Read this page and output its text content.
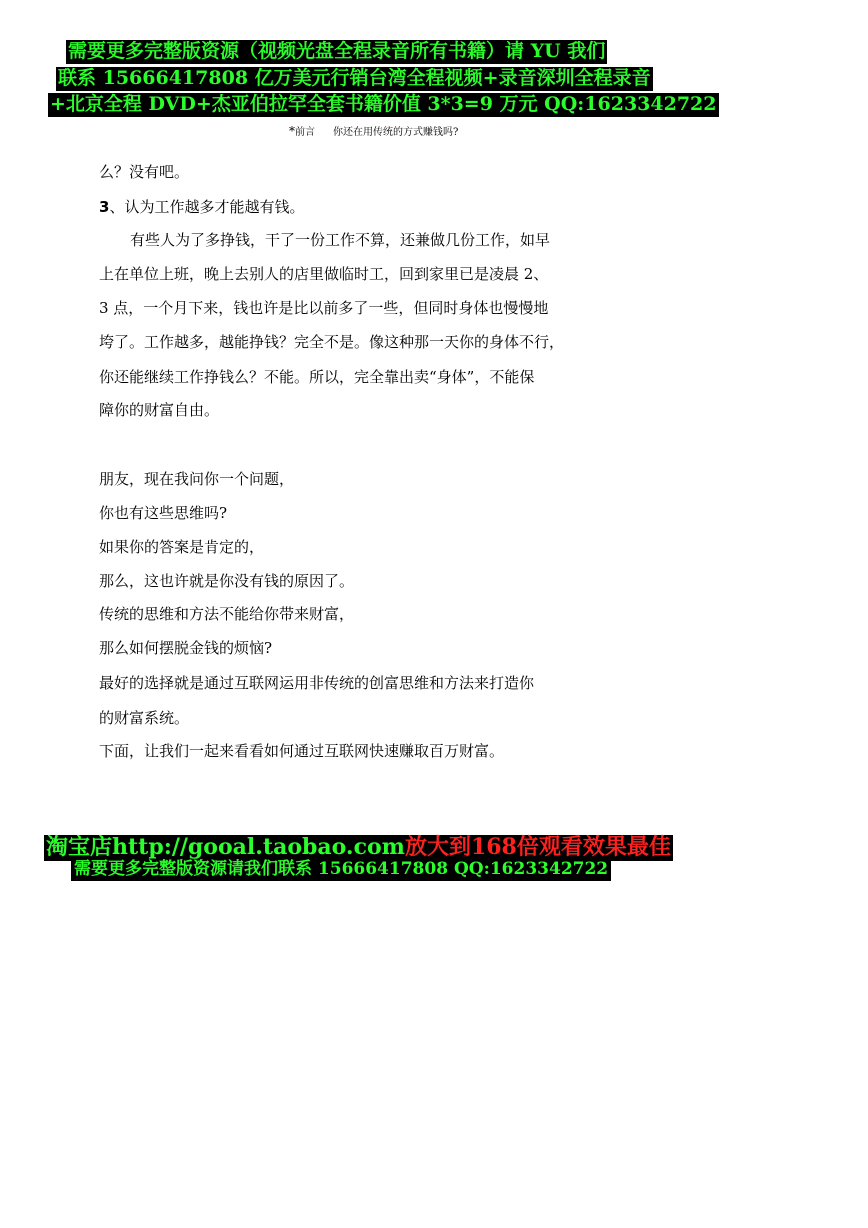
需要更多完整版资源（视频光盘全程录音所有书籍）请 YU 我们
联系 15666417808 亿万美元行销台湾全程视频+录音深圳全程录音
+北京全程 DVD+杰亚伯拉罕全套书籍价值 3*3=9 万元 QQ:1623342722
*前言 你还在用传统的方式赚钱吗?
么？没有吧。
3、认为工作越多才能越有钱。
有些人为了多挣钱，干了一份工作不算，还兼做几份工作，如早
上在单位上班，晚上去别人的店里做临时工，回到家里已是凌晨 2、
3 点，一个月下来，钱也许是比以前多了一些，但同时身体也慢慢地
垮了。工作越多，越能挣钱？完全不是。像这种那一天你的身体不行，
你还能继续工作挣钱么？不能。所以，完全靠出卖“身体”，不能保
障你的财富自由。
朋友，现在我问你一个问题，
你也有这些思维吗?
如果你的答案是肯定的，
那么，这也许就是你没有钱的原因了。
传统的思维和方法不能给你带来财富，
那么如何摆脱金钱的烦恼?
最好的选择就是通过互联网运用非传统的创富思维和方法来打造你
的财富系统。
下面，让我们一起来看看如何通过互联网快速赚取百万财富。
淘宝店http://gooal.taobao.com放大到168倍观看效果最佳
需要更多完整版资源请我们联系 15666417808 QQ:1623342722
